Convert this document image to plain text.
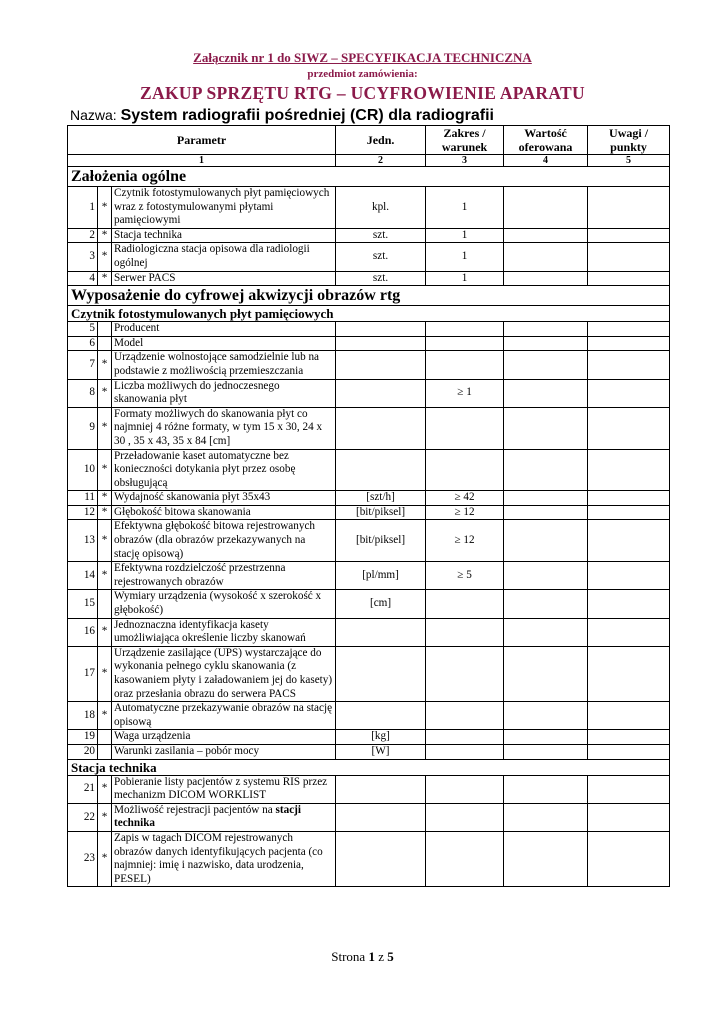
Załącznik nr 1 do SIWZ – SPECYFIKACJA TECHNICZNA
przedmiot zamówienia:
ZAKUP SPRZĘTU RTG – UCYFROWIENIE APARATU
Nazwa: System radiografii pośredniej (CR) dla radiografii
Parametr			Jedn.	Zakres / warunek	Wartość oferowana	Uwagi / punkty
1			2	3	4	5
Założenia ogólne						
1	*	Czytnik fotostymulowanych płyt pamięciowych wraz z fotostymulowanymi płytami pamięciowymi	kpl.	1		
2	*	Stacja technika	szt.	1		
3	*	Radiologiczna stacja opisowa dla radiologii ogólnej	szt.	1		
4	*	Serwer PACS	szt.	1		
Wyposażenie do cyfrowej akwizycji obrazów rtg						
Czytnik fotostymulowanych płyt pamięciowych						
5		Producent				
6		Model				
7	*	Urządzenie wolnostojące samodzielnie lub na podstawie z możliwością przemieszczania				
8	*	Liczba możliwych do jednoczesnego skanowania płyt		≥ 1		
9	*	Formaty możliwych do skanowania płyt co najmniej 4 różne formaty, w tym 15 x 30, 24 x 30 , 35 x 43, 35 x 84 [cm]				
10	*	Przeładowanie kaset automatyczne bez konieczności dotykania płyt przez osobę obsługującą				
11	*	Wydajność skanowania płyt 35x43	[szt/h]	≥ 42		
12	*	Głębokość bitowa skanowania	[bit/piksel]	≥ 12		
13	*	Efektywna głębokość bitowa rejestrowanych obrazów (dla obrazów przekazywanych na stację opisową)	[bit/piksel]	≥ 12		
14	*	Efektywna rozdzielczość przestrzenna rejestrowanych obrazów	[pl/mm]	≥ 5		
15		Wymiary urządzenia (wysokość x szerokość x głębokość)	[cm]			
16	*	Jednoznaczna identyfikacja kasety umożliwiająca określenie liczby skanowań				
17	*	Urządzenie zasilające (UPS) wystarczające do wykonania pełnego cyklu skanowania (z kasowaniem płyty i załadowaniem jej do kasety) oraz przesłania obrazu do serwera PACS				
18	*	Automatyczne przekazywanie obrazów na stację opisową				
19		Waga urządzenia	[kg]			
20		Warunki zasilania – pobór mocy	[W]			
Stacja technika						
21	*	Pobieranie listy pacjentów z systemu RIS przez mechanizm DICOM WORKLIST				
22	*	Możliwość rejestracji pacjentów na stacji technika				
23	*	Zapis w tagach DICOM rejestrowanych obrazów danych identyfikujących pacjenta (co najmniej: imię i nazwisko, data urodzenia, PESEL)				
Strona 1 z 5
